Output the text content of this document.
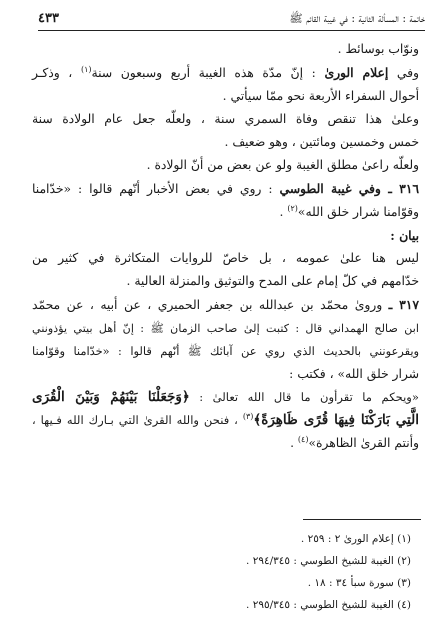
خاتمة : المسألة الثانية : في غيبة القائم ﷺ
٤٣٣

ونوّاب بوسائط .

وفي إعلام الورىٰ : إنّ مدّة هذه الغيبة أربع وسبعون سنة$^{(١)}$ ، وذكـر

أحوال السفراء الأربعة نحو ممّا سيأتي .

وعلىٰ هذا تنقص وفاة السمري سنة ، ولعلّه جعل عام الولادة سنة

خمس وخمسين ومائتين ، وهو ضعيف .

ولعلّه راعىٰ مطلق الغيبة ولو عن بعض من أنّ الولادة .

٣١٦ ـ وفي غيبة الطوسي : روي في بعض الأخبار أنّهم قالوا : «خدّامنا

وقوّامنا شرار خلق الله»$^{(٢)}$ .

بيان :

ليس هنا علىٰ عمومه ، بل خاصّ للروايات المتكاثرة في كثير من

خدّامهم في كلّ إمام على المدح والتوثيق والمنزلة العالية .

٣١٧ ـ وروىٰ محمّد بن عبدالله بن جعفر الحميري ، عن أبيه ، عن محمّد

ابن صالح الهمداني قال : كتبت إلىٰ صاحب الزمان ﷺ : إنّ أهل بيتي يؤذونني

ويقرعونني بالحديث الذي روي عن آبائك ﷺ أنّهم قالوا : «خدّامنا وقوّامنا

شرار خلق الله» ، فكتب :

«ويحكم ما تقرأون ما قال الله تعالىٰ : ﴿وَجَعَلْنَا بَيْنَهُمْ وَبَيْنَ الْقُرَى

الَّتِي بَارَكْنَا فِيهَا قُرًى ظَاهِرَةً﴾$^{(٣)}$ ، فنحن والله القرىٰ التي بـارك الله فـيها ،

وأنتم القرىٰ الظاهرة»$^{(٤)}$ .

(١) إعلام الورىٰ ٢ : ٢٥٩ .
(٢) الغيبة للشيخ الطوسي : ٢٩٤/٣٤٥ .
(٣) سورة سبأ ٣٤ : ١٨ .
(٤) الغيبة للشيخ الطوسي : ٢٩٥/٣٤٥ .
